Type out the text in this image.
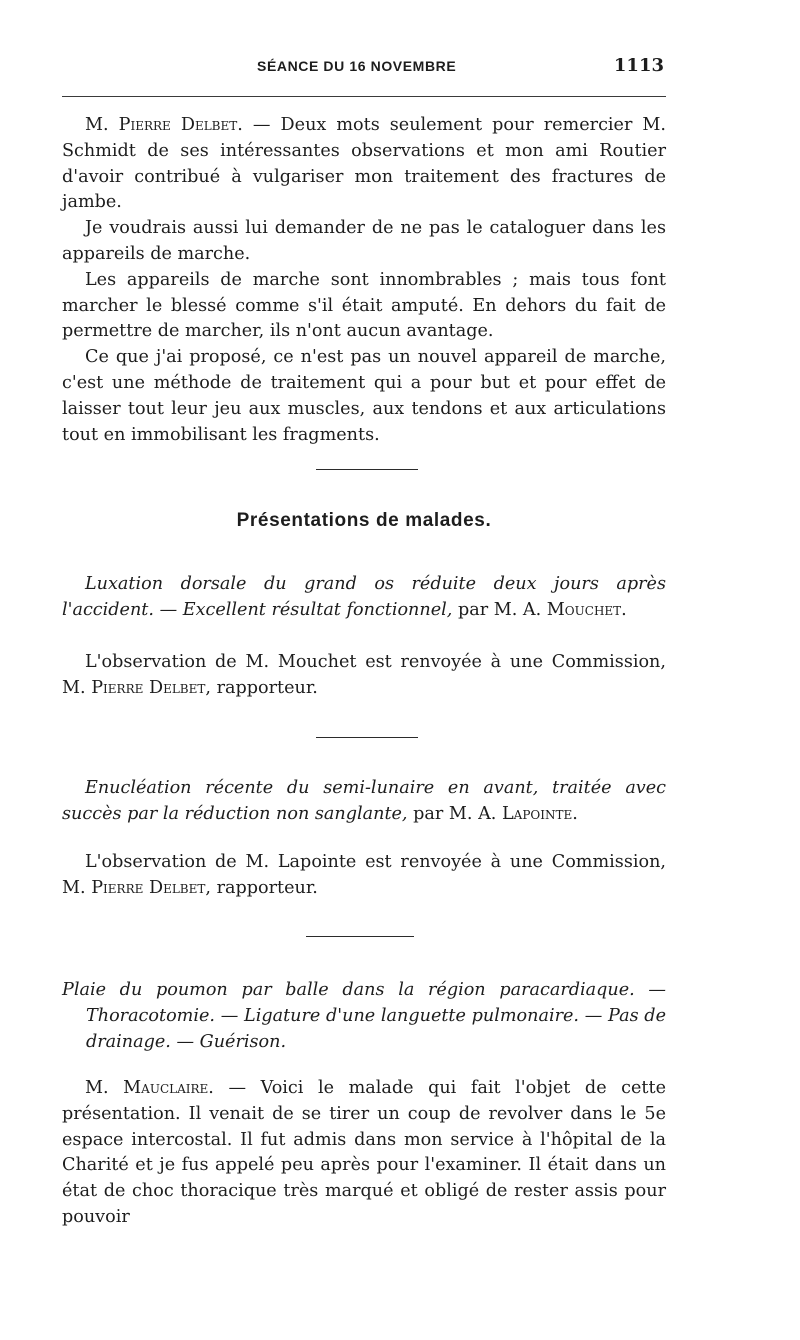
SÉANCE DU 16 NOVEMBRE	1113

M. Pierre Delbet. — Deux mots seulement pour remercier M. Schmidt de ses intéressantes observations et mon ami Routier d'avoir contribué à vulgariser mon traitement des fractures de jambe.

Je voudrais aussi lui demander de ne pas le cataloguer dans les appareils de marche.

Les appareils de marche sont innombrables ; mais tous font marcher le blessé comme s'il était amputé. En dehors du fait de permettre de marcher, ils n'ont aucun avantage.

Ce que j'ai proposé, ce n'est pas un nouvel appareil de marche, c'est une méthode de traitement qui a pour but et pour effet de laisser tout leur jeu aux muscles, aux tendons et aux articulations tout en immobilisant les fragments.

Présentations de malades.

Luxation dorsale du grand os réduite deux jours après l'accident. — Excellent résultat fonctionnel, par M. A. Mouchet.

L'observation de M. Mouchet est renvoyée à une Commission, M. Pierre Delbet, rapporteur.

Enucléation récente du semi-lunaire en avant, traitée avec succès par la réduction non sanglante, par M. A. Lapointe.

L'observation de M. Lapointe est renvoyée à une Commission, M. Pierre Delbet, rapporteur.

Plaie du poumon par balle dans la région paracardiaque. — Thoracotomie. — Ligature d'une languette pulmonaire. — Pas de drainage. — Guérison.

M. Mauclaire. — Voici le malade qui fait l'objet de cette présentation. Il venait de se tirer un coup de revolver dans le 5e espace intercostal. Il fut admis dans mon service à l'hôpital de la Charité et je fus appelé peu après pour l'examiner. Il était dans un état de choc thoracique très marqué et obligé de rester assis pour pouvoir
